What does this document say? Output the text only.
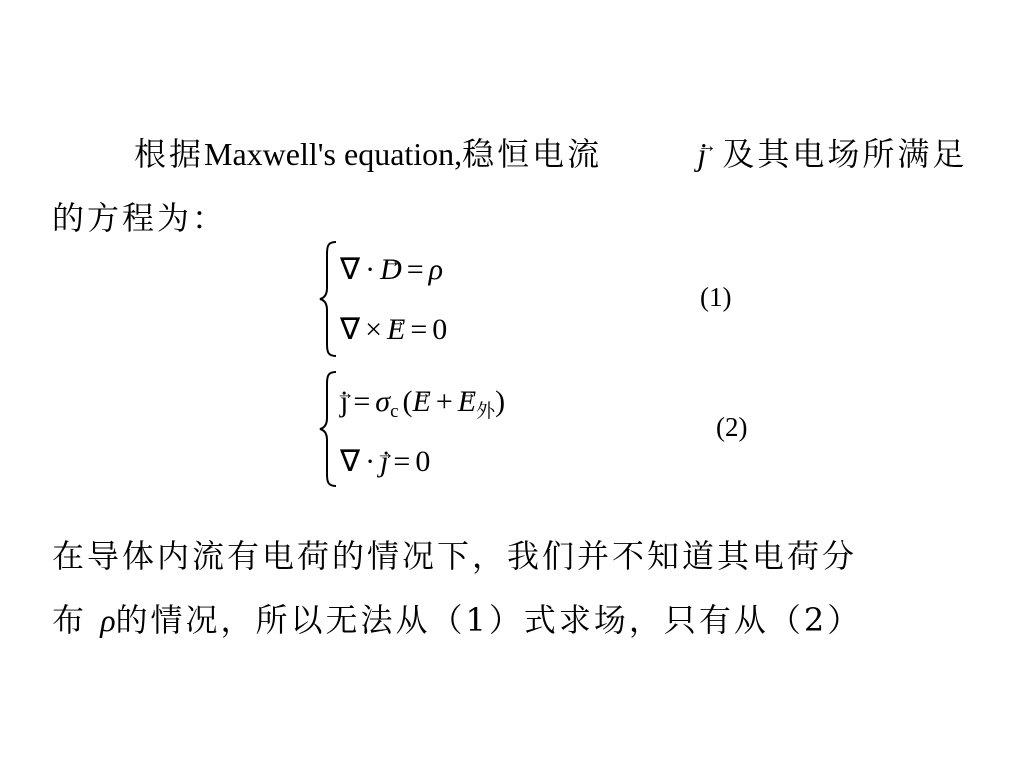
根据Maxwell's equation,稳恒电流 →	j 及其电场所满足的方程为：

∇ ·→ D = ρ
∇ ×→ E = 0
(1)
→ $j = \sigma_c$ (→ $E +\to E_外$)
∇ ·→ j = 0
(2)

在导体内流有电荷的情况下，我们并不知道其电荷分
布 ρ的情况，所以无法从（1）式求场，只有从（2）
